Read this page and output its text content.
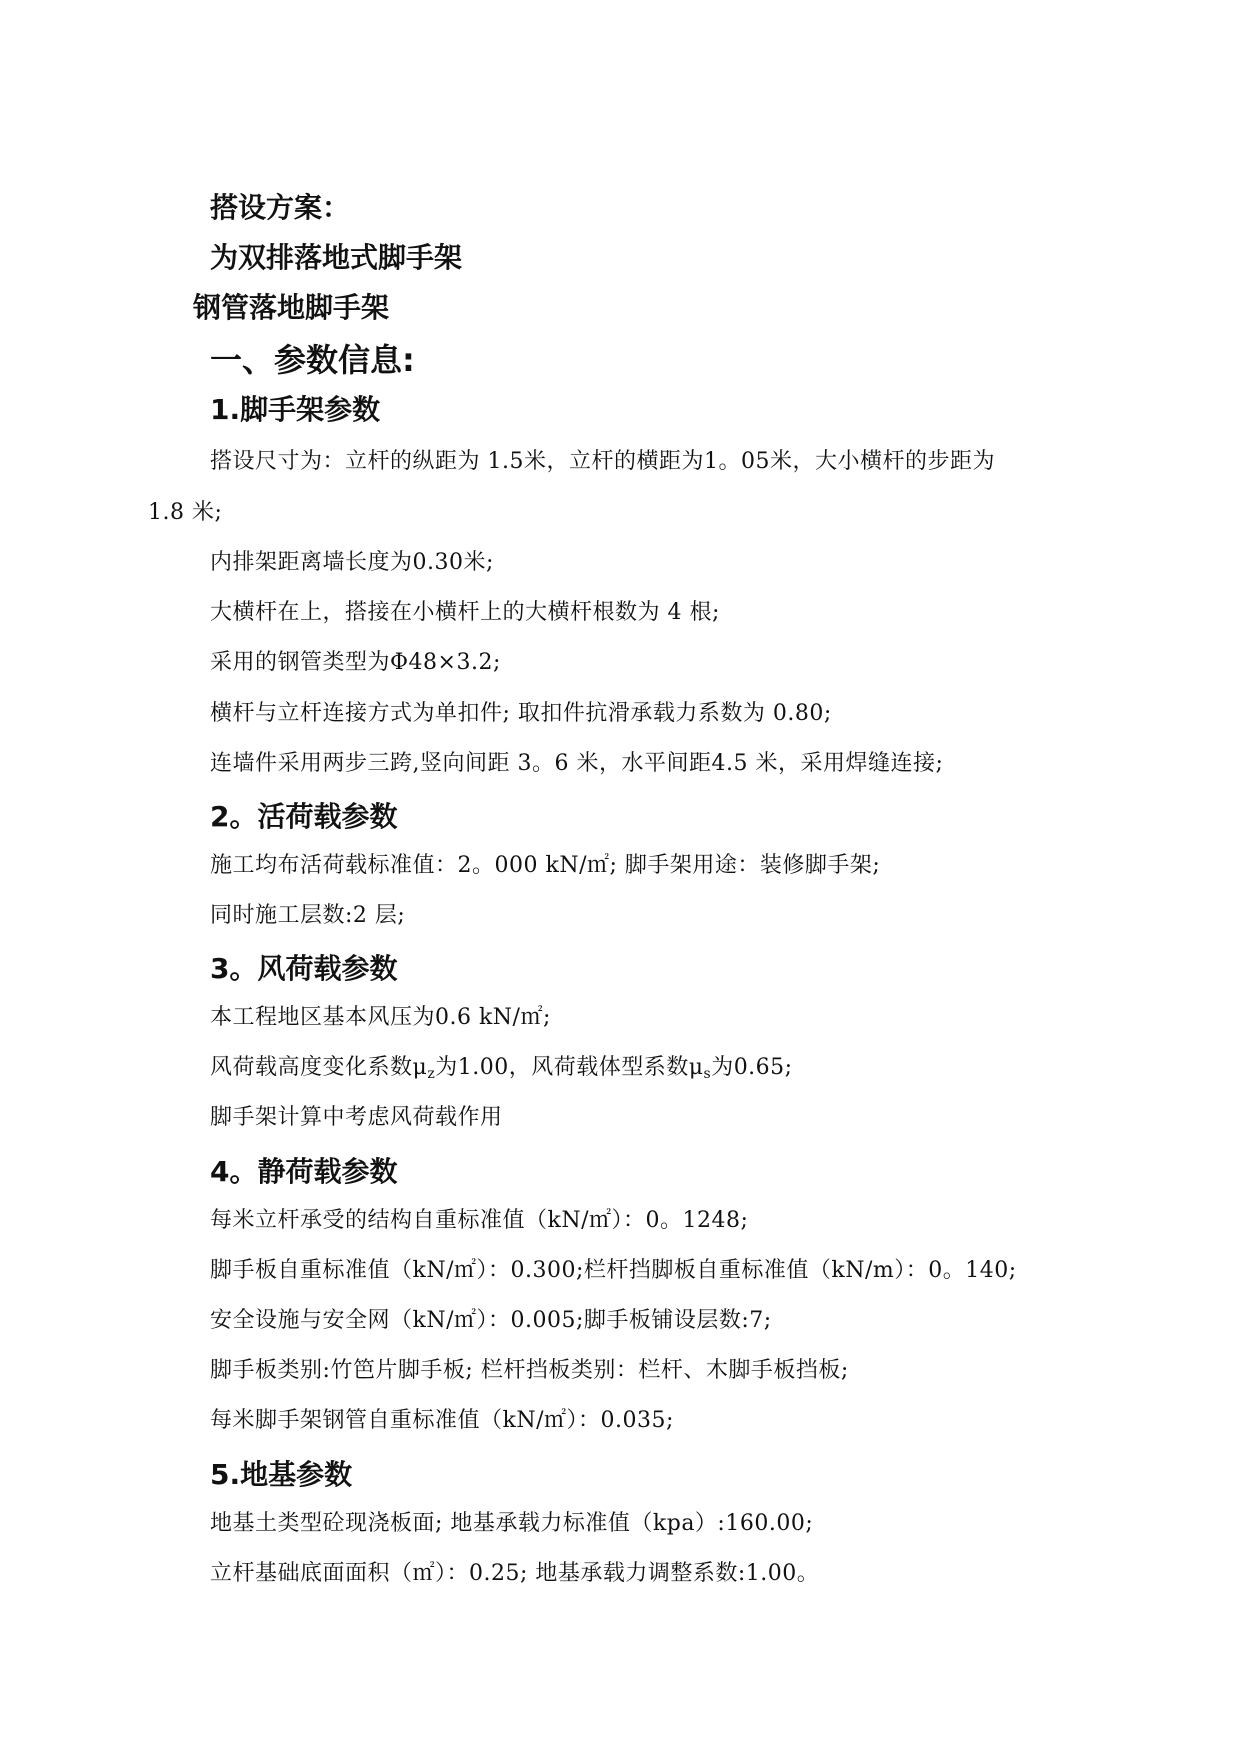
搭设方案：
为双排落地式脚手架
钢管落地脚手架
一、参数信息:
1.脚手架参数
搭设尺寸为：立杆的纵距为 1.5米，立杆的横距为1。05米，大小横杆的步距为
1.8 米;
内排架距离墙长度为0.30米;
大横杆在上，搭接在小横杆上的大横杆根数为 4 根;
采用的钢管类型为Φ48×3.2;
横杆与立杆连接方式为单扣件; 取扣件抗滑承载力系数为 0.80;
连墙件采用两步三跨,竖向间距 3。6 米，水平间距4.5 米，采用焊缝连接;
2。活荷载参数
施工均布活荷载标准值：2。000 kN/㎡; 脚手架用途：装修脚手架;
同时施工层数:2 层;
3。风荷载参数
本工程地区基本风压为0.6 kN/㎡;
风荷载高度变化系数$\mu_z$为1.00，风荷载体型系数$\mu_s$为0.65;
脚手架计算中考虑风荷载作用
4。静荷载参数
每米立杆承受的结构自重标准值（kN/㎡）：0。1248;
脚手板自重标准值（kN/㎡）：0.300;栏杆挡脚板自重标准值（kN/m）：0。140;
安全设施与安全网（kN/㎡）：0.005;脚手板铺设层数:7;
脚手板类别:竹笆片脚手板; 栏杆挡板类别：栏杆、木脚手板挡板;
每米脚手架钢管自重标准值（kN/㎡）：0.035;
5.地基参数
地基土类型砼现浇板面; 地基承载力标准值（kpa）:160.00;
立杆基础底面面积（㎡）：0.25; 地基承载力调整系数:1.00。
